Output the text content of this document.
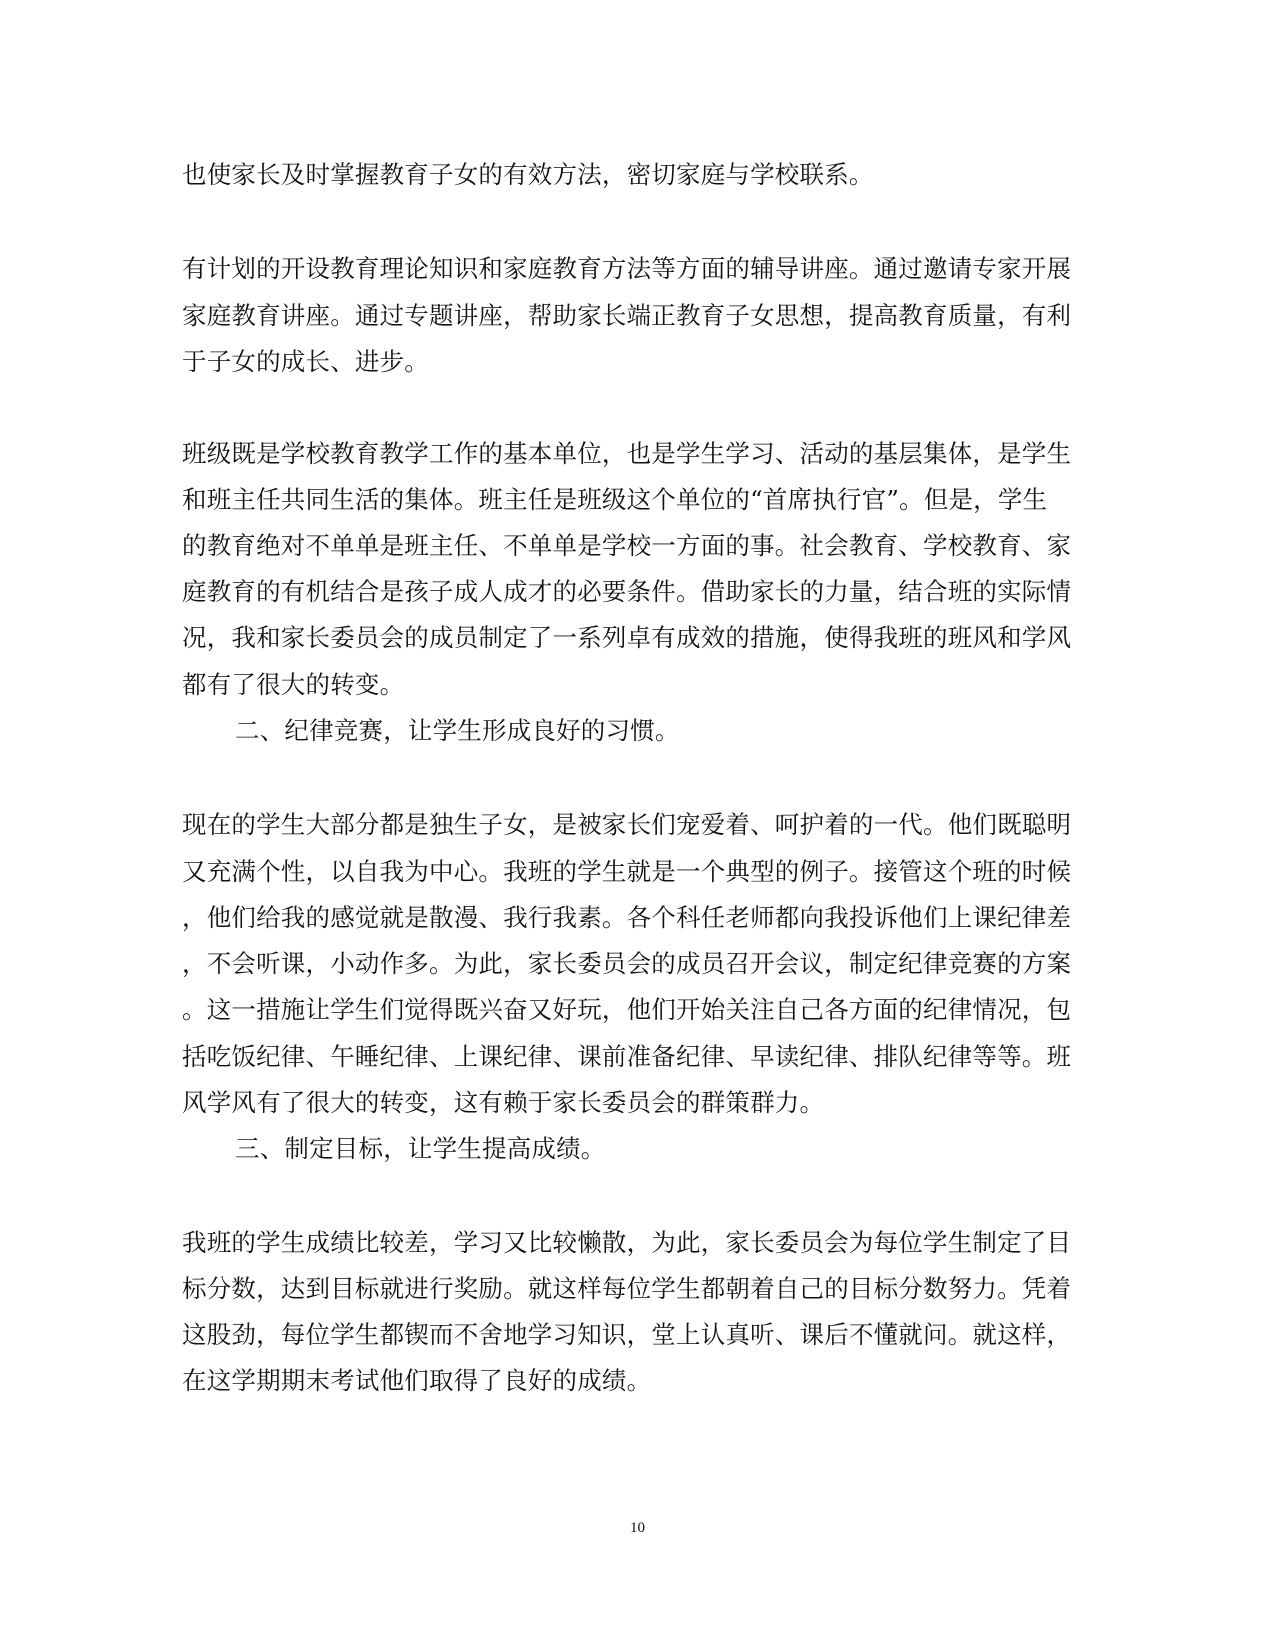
也使家长及时掌握教育子女的有效方法，密切家庭与学校联系。
有计划的开设教育理论知识和家庭教育方法等方面的辅导讲座。通过邀请专家开展
家庭教育讲座。通过专题讲座，帮助家长端正教育子女思想，提高教育质量，有利
于子女的成长、进步。
班级既是学校教育教学工作的基本单位，也是学生学习、活动的基层集体，是学生
和班主任共同生活的集体。班主任是班级这个单位的“首席执行官”。但是，学生
的教育绝对不单单是班主任、不单单是学校一方面的事。社会教育、学校教育、家
庭教育的有机结合是孩子成人成才的必要条件。借助家长的力量，结合班的实际情
况，我和家长委员会的成员制定了一系列卓有成效的措施，使得我班的班风和学风
都有了很大的转变。
二、纪律竞赛，让学生形成良好的习惯。
现在的学生大部分都是独生子女，是被家长们宠爱着、呵护着的一代。他们既聪明
又充满个性，以自我为中心。我班的学生就是一个典型的例子。接管这个班的时候
，他们给我的感觉就是散漫、我行我素。各个科任老师都向我投诉他们上课纪律差
，不会听课，小动作多。为此，家长委员会的成员召开会议，制定纪律竞赛的方案
。这一措施让学生们觉得既兴奋又好玩，他们开始关注自己各方面的纪律情况，包
括吃饭纪律、午睡纪律、上课纪律、课前准备纪律、早读纪律、排队纪律等等。班
风学风有了很大的转变，这有赖于家长委员会的群策群力。
三、制定目标，让学生提高成绩。
我班的学生成绩比较差，学习又比较懒散，为此，家长委员会为每位学生制定了目
标分数，达到目标就进行奖励。就这样每位学生都朝着自己的目标分数努力。凭着
这股劲，每位学生都锲而不舍地学习知识，堂上认真听、课后不懂就问。就这样，
在这学期期末考试他们取得了良好的成绩。
10
